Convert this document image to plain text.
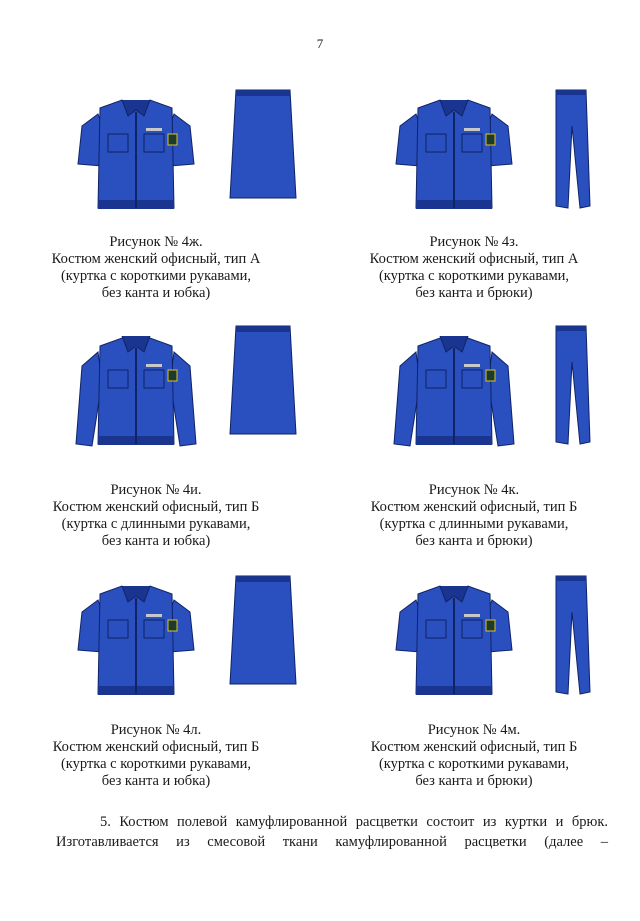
7
Рисунок № 4ж.
Костюм женский офисный, тип А
(куртка с короткими рукавами,
без канта и юбка)
Рисунок № 4з.
Костюм женский офисный, тип А
(куртка с короткими рукавами,
без канта и брюки)
Рисунок № 4и.
Костюм женский офисный, тип Б
(куртка с длинными рукавами,
без канта и юбка)
Рисунок № 4к.
Костюм женский офисный, тип Б
(куртка с длинными рукавами,
без канта и брюки)
Рисунок № 4л.
Костюм женский офисный, тип Б
(куртка с короткими рукавами,
без канта и юбка)
Рисунок № 4м.
Костюм женский офисный, тип Б
(куртка с короткими рукавами,
без канта и брюки)
5. Костюм полевой камуфлированной расцветки состоит из куртки и брюк.
Изготавливается из смесовой ткани камуфлированной расцветки (далее –
